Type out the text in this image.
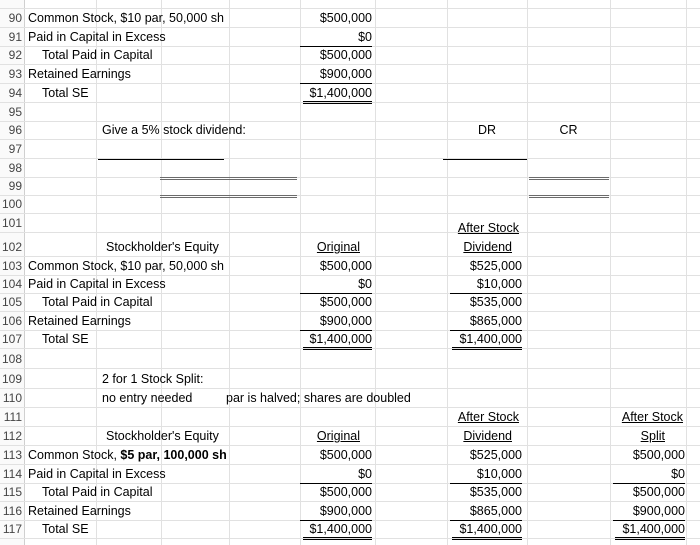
90
91
92
93
94
95
96
97
98
99
100
101
102
103
104
105
106
107
108
109
110
111
112
113
114
115
116
117
Common Stock, $10 par, 50,000 sh	$500,000
Paid in Capital in Excess	$0
Total Paid in Capital	$500,000
Retained Earnings	$900,000
Total SE	$1,400,000
Give a 5% stock dividend:	DR	CR
After Stock
Stockholder's Equity	Original	Dividend
Common Stock, $10 par, 50,000 sh	$500,000	$525,000
Paid in Capital in Excess	$0	$10,000
Total Paid in Capital	$500,000	$535,000
Retained Earnings	$900,000	$865,000
Total SE	$1,400,000	$1,400,000
2 for 1 Stock Split:
no entry needed	par is halved; shares are doubled
After Stock	After Stock
Stockholder's Equity	Original	Dividend	Split
Common Stock, $5 par, 100,000 sh	$500,000	$525,000	$500,000
Paid in Capital in Excess	$0	$10,000	$0
Total Paid in Capital	$500,000	$535,000	$500,000
Retained Earnings	$900,000	$865,000	$900,000
Total SE	$1,400,000	$1,400,000	$1,400,000
